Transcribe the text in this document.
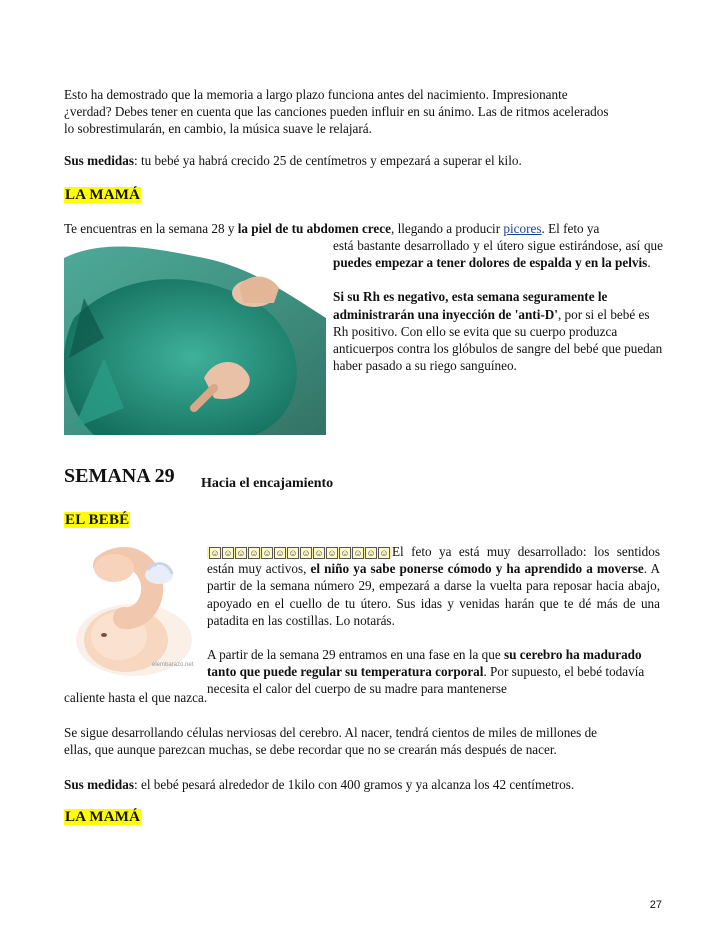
Esto ha demostrado que la memoria a largo plazo funciona antes del nacimiento. Impresionante
¿verdad? Debes tener en cuenta que las canciones pueden influir en su ánimo. Las de ritmos acelerados
lo sobrestimularán, en cambio, la música suave le relajará.
Sus medidas: tu bebé ya habrá crecido 25 de centímetros y empezará a superar el kilo.
LA MAMÁ
Te encuentras en la semana 28 y la piel de tu abdomen crece, llegando a producir picores. El feto ya

está bastante desarrollado y el útero sigue estirándose, así que puedes empezar a tener dolores de espalda y en la pelvis.

Si su Rh es negativo, esta semana seguramente le administrarán una inyección de 'anti-D', por si el bebé es Rh positivo. Con ello se evita que su cuerpo produzca anticuerpos contra los glóbulos de sangre del bebé que puedan haber pasado a su riego sanguíneo.

SEMANA 29 Hacia el encajamiento
EL BEBÉ
elembarazo.net

☺ ☺ ☺ ☺ ☺ ☺ ☺ ☺ ☺ ☺ ☺ ☺ ☺ ☺ El feto ya está muy desarrollado: los sentidos están muy activos, el niño ya sabe ponerse cómodo y ha aprendido a moverse. A partir de la semana número 29, empezará a darse la vuelta para reposar hacia abajo, apoyado en el cuello de tu útero. Sus idas y venidas harán que te dé más de una patadita en las costillas. Lo notarás.

A partir de la semana 29 entramos en una fase en la que su cerebro ha madurado tanto que puede regular su temperatura corporal. Por supuesto, el bebé todavía necesita el calor del cuerpo de su madre para mantenerse

caliente hasta el que nazca.
Se sigue desarrollando células nerviosas del cerebro. Al nacer, tendrá cientos de miles de millones de
ellas, que aunque parezcan muchas, se debe recordar que no se crearán más después de nacer.
Sus medidas: el bebé pesará alrededor de 1kilo con 400 gramos y ya alcanza los 42 centímetros.
LA MAMÁ
27
